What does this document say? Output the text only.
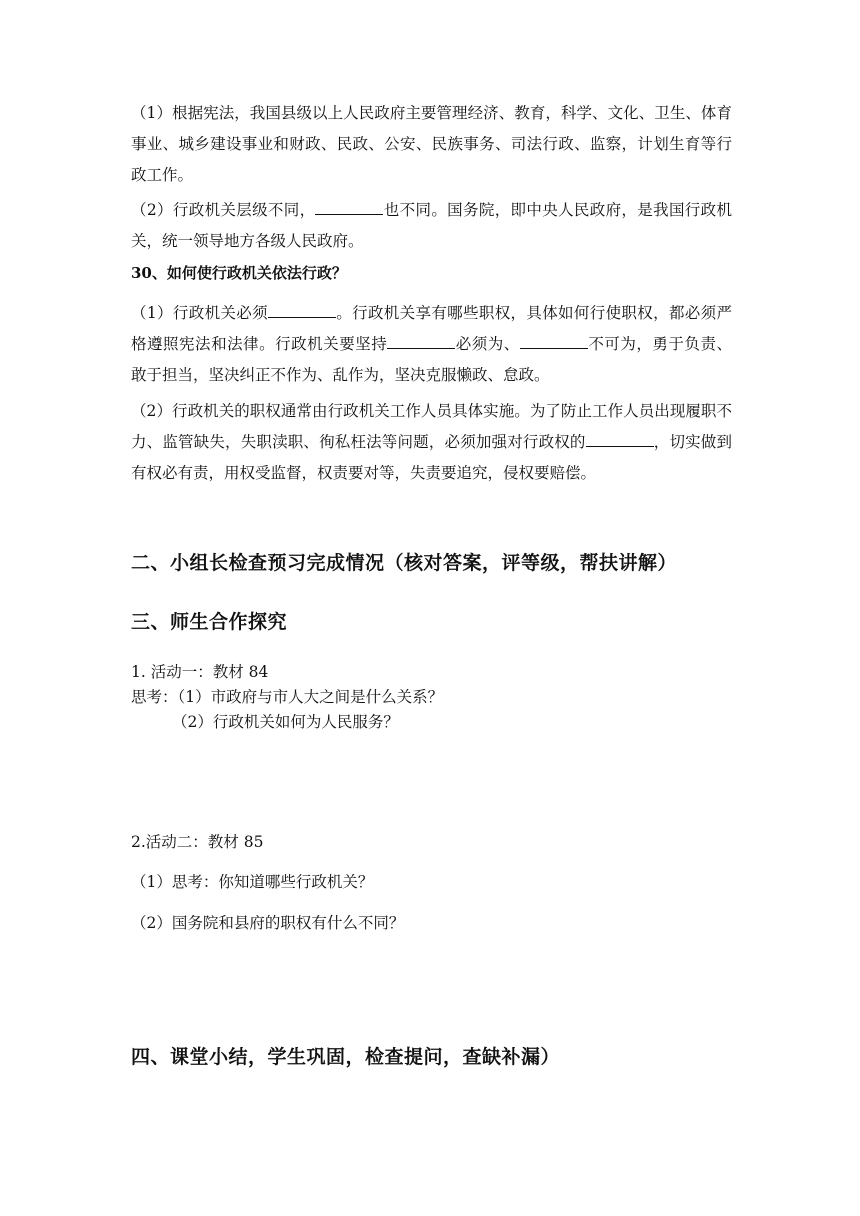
（1）根据宪法，我国县级以上人民政府主要管理经济、教育，科学、文化、卫生、体育事业、城乡建设事业和财政、民政、公安、民族事务、司法行政、监察，计划生育等行政工作。
（2）行政机关层级不同，	也不同。国务院，即中央人民政府，是我国行政机关，统一领导地方各级人民政府。
30、如何使行政机关依法行政？
（1）行政机关必须	。行政机关享有哪些职权，具体如何行使职权，都必须严格遵照宪法和法律。行政机关要坚持	必须为、	不可为，勇于负责、敢于担当，坚决纠正不作为、乱作为，坚决克服懒政、怠政。
（2）行政机关的职权通常由行政机关工作人员具体实施。为了防止工作人员出现履职不力、监管缺失，失职渎职、徇私枉法等问题，必须加强对行政权的	，切实做到有权必有责，用权受监督，权责要对等，失责要追究，侵权要赔偿。
二、小组长检查预习完成情况（核对答案，评等级，帮扶讲解）
三、师生合作探究
1. 活动一：教材 84
思考：（1）市政府与市人大之间是什么关系？
（2）行政机关如何为人民服务？
2.活动二：教材 85
（1）思考：你知道哪些行政机关？
（2）国务院和县府的职权有什么不同？
四、课堂小结，学生巩固，检查提问，查缺补漏）
